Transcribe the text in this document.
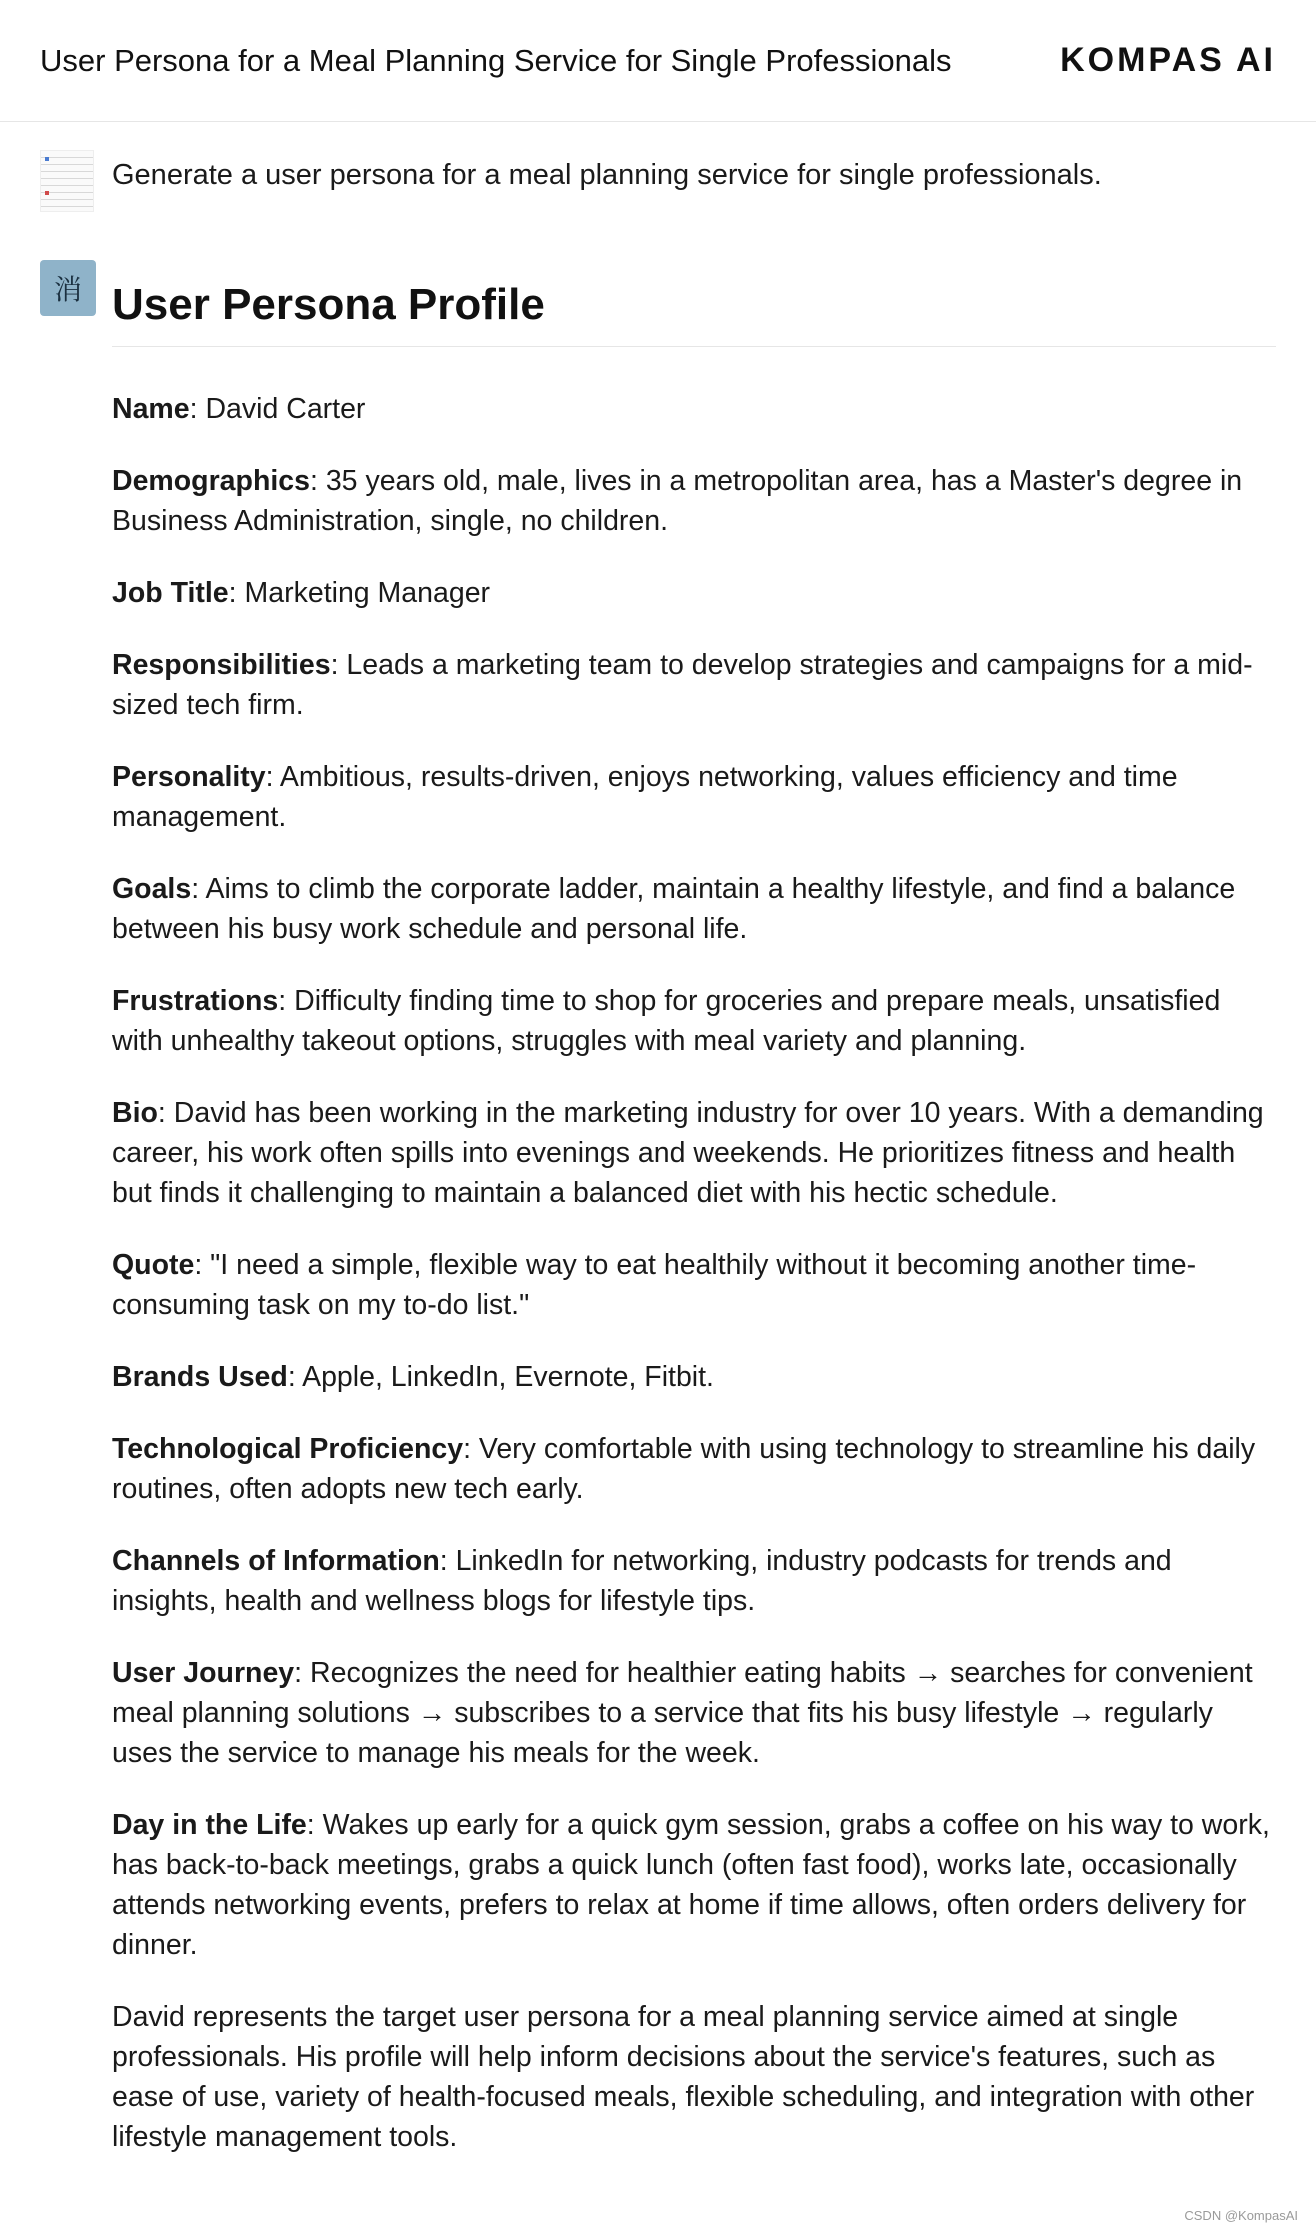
User Persona for a Meal Planning Service for Single Professionals	KOMPAS AI
Generate a user persona for a meal planning service for single professionals.
消 User Persona Profile

Name: David Carter

Demographics: 35 years old, male, lives in a metropolitan area, has a Master's degree in Business Administration, single, no children.

Job Title: Marketing Manager

Responsibilities: Leads a marketing team to develop strategies and campaigns for a mid-sized tech firm.

Personality: Ambitious, results-driven, enjoys networking, values efficiency and time management.

Goals: Aims to climb the corporate ladder, maintain a healthy lifestyle, and find a balance between his busy work schedule and personal life.

Frustrations: Difficulty finding time to shop for groceries and prepare meals, unsatisfied with unhealthy takeout options, struggles with meal variety and planning.

Bio: David has been working in the marketing industry for over 10 years. With a demanding career, his work often spills into evenings and weekends. He prioritizes fitness and health but finds it challenging to maintain a balanced diet with his hectic schedule.

Quote: "I need a simple, flexible way to eat healthily without it becoming another time-consuming task on my to-do list."

Brands Used: Apple, LinkedIn, Evernote, Fitbit.

Technological Proficiency: Very comfortable with using technology to streamline his daily routines, often adopts new tech early.

Channels of Information: LinkedIn for networking, industry podcasts for trends and insights, health and wellness blogs for lifestyle tips.

User Journey: Recognizes the need for healthier eating habits → searches for convenient meal planning solutions → subscribes to a service that fits his busy lifestyle → regularly uses the service to manage his meals for the week.

Day in the Life: Wakes up early for a quick gym session, grabs a coffee on his way to work, has back-to-back meetings, grabs a quick lunch (often fast food), works late, occasionally attends networking events, prefers to relax at home if time allows, often orders delivery for dinner.

David represents the target user persona for a meal planning service aimed at single professionals. His profile will help inform decisions about the service's features, such as ease of use, variety of health-focused meals, flexible scheduling, and integration with other lifestyle management tools.

CSDN @KompasAI
